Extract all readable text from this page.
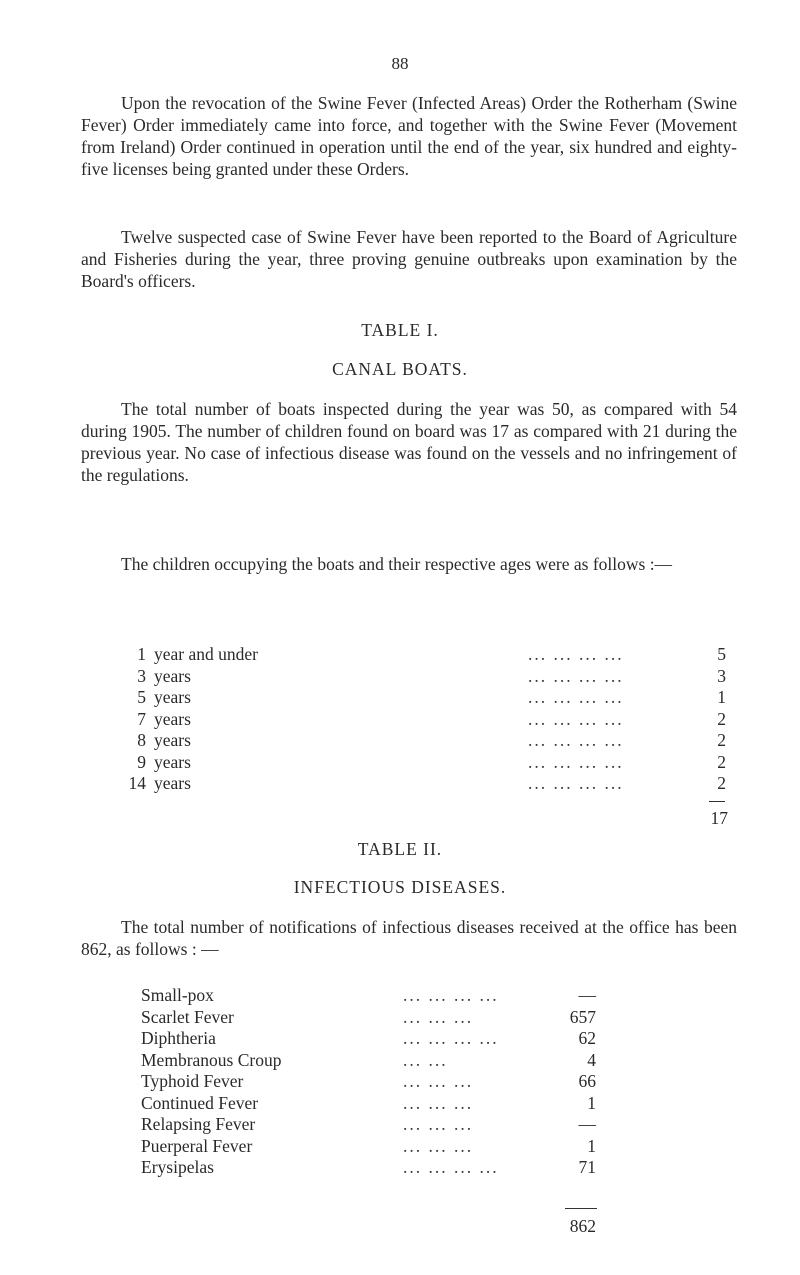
88

Upon the revocation of the Swine Fever (Infected Areas) Order the Rotherham (Swine Fever) Order immediately came into force, and together with the Swine Fever (Movement from Ireland) Order continued in operation until the end of the year, six hundred and eighty-five licenses being granted under these Orders.

Twelve suspected case of Swine Fever have been reported to the Board of Agriculture and Fisheries during the year, three proving genuine outbreaks upon examination by the Board's officers.

TABLE I.

CANAL BOATS.

The total number of boats inspected during the year was 50, as compared with 54 during 1905. The number of children found on board was 17 as compared with 21 during the previous year. No case of infectious disease was found on the vessels and no infringement of the regulations.

The children occupying the boats and their respective ages were as follows :—

1 year and under	... ... ... ...	5
3 years	... ... ... ...	3
5 years	... ... ... ...	1
7 years	... ... ... ...	2
8 years	... ... ... ...	2
9 years	... ... ... ...	2
14 years	... ... ... ...	2
17

TABLE II.

INFECTIOUS DISEASES.

The total number of notifications of infectious diseases received at the office has been 862, as follows : —

Small-pox	... ... ... ...	—
Scarlet Fever	... ... ...	657
Diphtheria	... ... ... ...	62
Membranous Croup	... ...	4
Typhoid Fever	... ... ...	66
Continued Fever	... ... ...	1
Relapsing Fever	... ... ...	—
Puerperal Fever	... ... ...	1
Erysipelas	... ... ... ...	71
862
